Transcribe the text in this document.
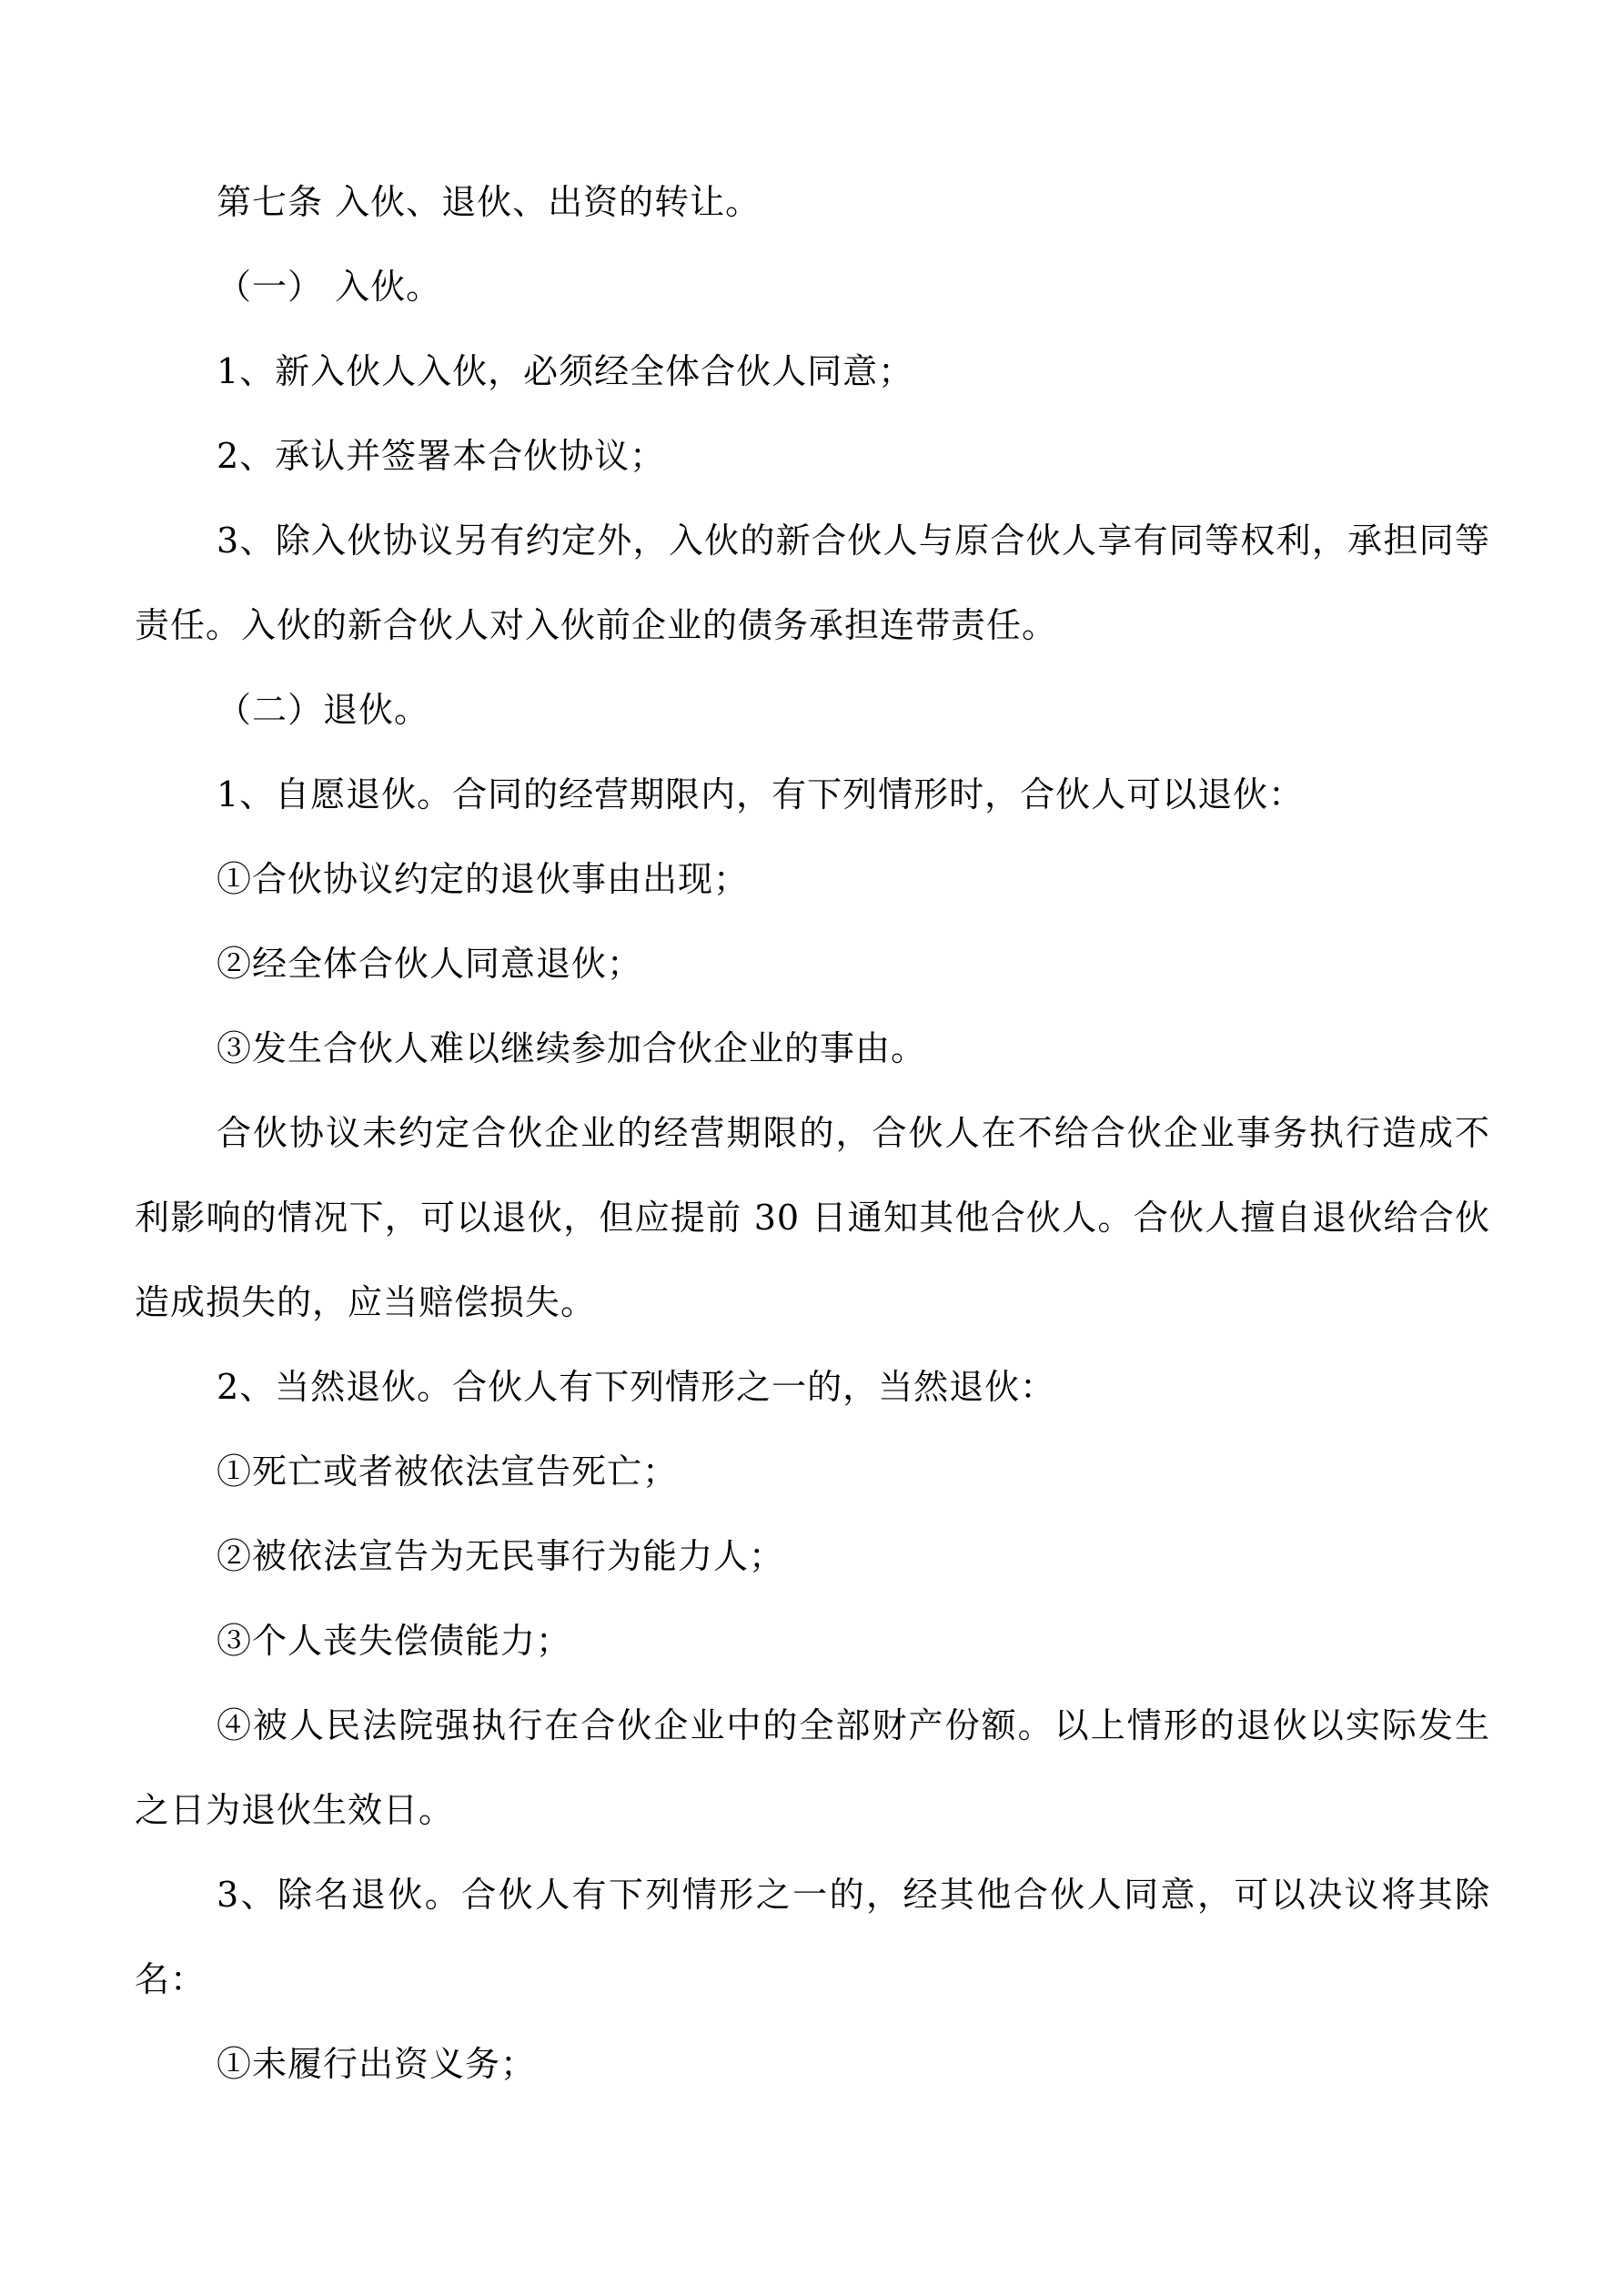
第七条 入伙、退伙、出资的转让。

（一） 入伙。

1、新入伙人入伙，必须经全体合伙人同意；

2、承认并签署本合伙协议；

3、除入伙协议另有约定外，入伙的新合伙人与原合伙人享有同等权利，承担同等责任。入伙的新合伙人对入伙前企业的债务承担连带责任。

（二）退伙。

1、自愿退伙。合同的经营期限内，有下列情形时，合伙人可以退伙：

①合伙协议约定的退伙事由出现；

②经全体合伙人同意退伙；

③发生合伙人难以继续参加合伙企业的事由。

合伙协议未约定合伙企业的经营期限的，合伙人在不给合伙企业事务执行造成不利影响的情况下，可以退伙，但应提前 30 日通知其他合伙人。合伙人擅自退伙给合伙造成损失的，应当赔偿损失。

2、当然退伙。合伙人有下列情形之一的，当然退伙：

①死亡或者被依法宣告死亡；

②被依法宣告为无民事行为能力人；

③个人丧失偿债能力；

④被人民法院强执行在合伙企业中的全部财产份额。以上情形的退伙以实际发生之日为退伙生效日。

3、除名退伙。合伙人有下列情形之一的，经其他合伙人同意，可以决议将其除名：

①未履行出资义务；
